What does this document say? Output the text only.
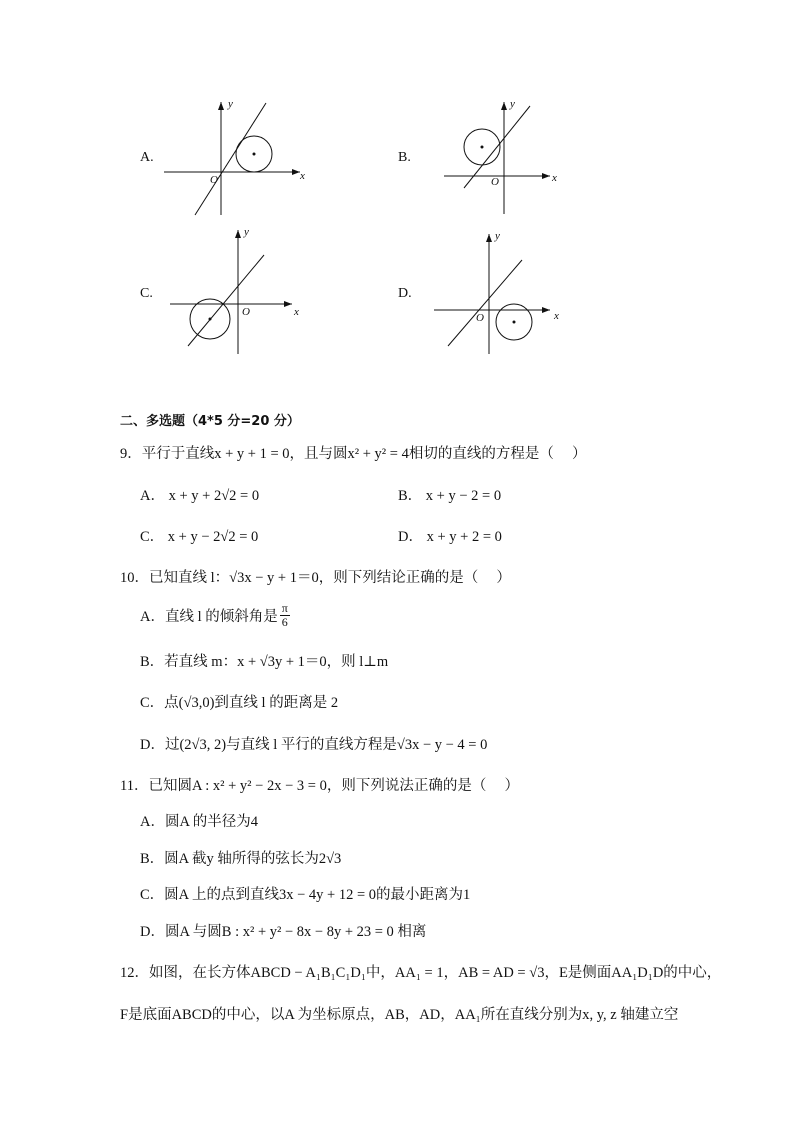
A.
y
x
O
B.
y
x
O
C.
y
x
O
D.
y
x
O
二、多选题（4*5 分=20 分）
9．平行于直线x + y + 1 = 0，且与圆x² + y² = 4相切的直线的方程是（　 ）
A． x + y + 2√2 = 0	B． x + y − 2 = 0
C． x + y − 2√2 = 0	D． x + y + 2 = 0
10．已知直线 l：√3x − y + 1＝0，则下列结论正确的是（　 ）
A．直线 l 的倾斜角是 $\frac{\pi}{6}$
B．若直线 m：x + √3y + 1＝0，则 l⊥m
C．点(√3,0)到直线 l 的距离是 2
D．过(2√3, 2)与直线 l 平行的直线方程是√3x − y − 4 = 0
11．已知圆A : x² + y² − 2x − 3 = 0，则下列说法正确的是（　 ）
A．圆A 的半径为4
B．圆A 截y 轴所得的弦长为2√3
C．圆A 上的点到直线3x − 4y + 12 = 0的最小距离为1
D．圆A 与圆B : x² + y² − 8x − 8y + 23 = 0 相离
12．如图，在长方体ABCD − A₁B₁C₁D₁中，AA₁ = 1，AB = AD = √3，E是侧面AA₁D₁D的中心，
F是底面ABCD的中心，以A 为坐标原点，AB，AD，AA₁所在直线分别为x, y, z 轴建立空
